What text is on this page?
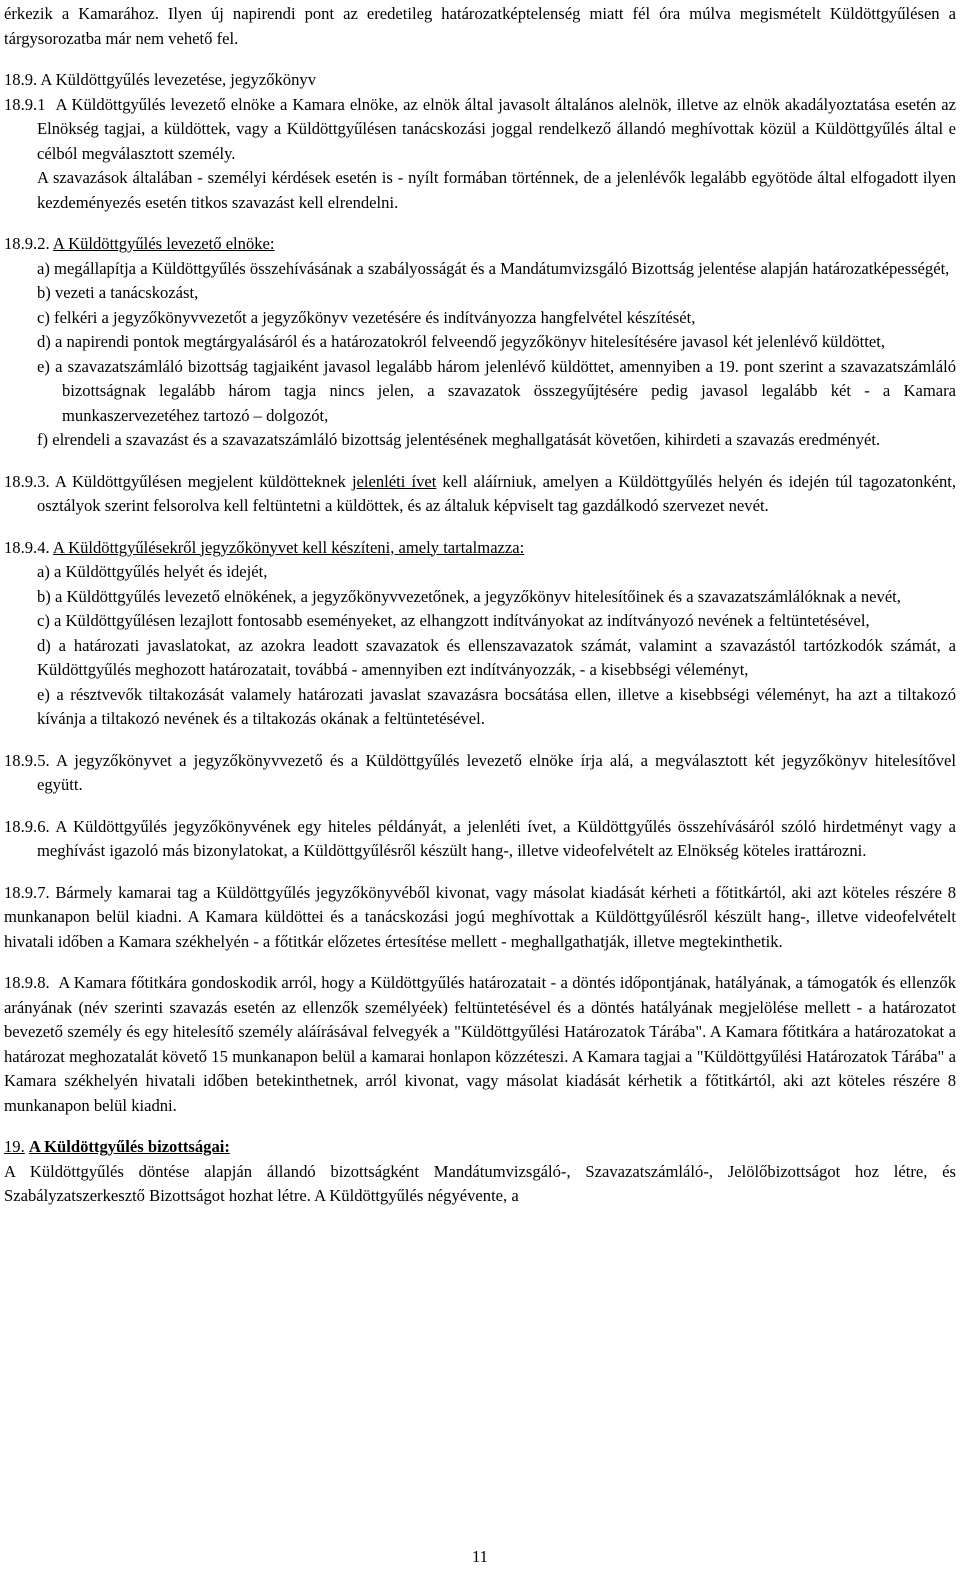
érkezik a Kamarához. Ilyen új napirendi pont az eredetileg határozatképtelenség miatt fél óra múlva megismételt Küldöttgyűlésen a tárgysorozatba már nem vehető fel.

18.9. A Küldöttgyűlés levezetése, jegyzőkönyv

18.9.1 A Küldöttgyűlés levezető elnöke a Kamara elnöke, az elnök által javasolt általános alelnök, illetve az elnök akadályoztatása esetén az Elnökség tagjai, a küldöttek, vagy a Küldöttgyűlésen tanácskozási joggal rendelkező állandó meghívottak közül a Küldöttgyűlés által e célból megválasztott személy.

A szavazások általában - személyi kérdések esetén is - nyílt formában történnek, de a jelenlévők legalább egyötöde által elfogadott ilyen kezdeményezés esetén titkos szavazást kell elrendelni.

18.9.2. A Küldöttgyűlés levezető elnöke:

a) megállapítja a Küldöttgyűlés összehívásának a szabályosságát és a Mandátumvizsgáló Bizottság jelentése alapján határozatképességét,

b) vezeti a tanácskozást,

c) felkéri a jegyzőkönyvvezetőt a jegyzőkönyv vezetésére és indítványozza hangfelvétel készítését,

d) a napirendi pontok megtárgyalásáról és a határozatokról felveendő jegyzőkönyv hitelesítésére javasol két jelenlévő küldöttet,

e) a szavazatszámláló bizottság tagjaiként javasol legalább három jelenlévő küldöttet, amennyiben a 19. pont szerint a szavazatszámláló bizottságnak legalább három tagja nincs jelen, a szavazatok összegyűjtésére pedig javasol legalább két - a Kamara munkaszervezetéhez tartozó – dolgozót,

f) elrendeli a szavazást és a szavazatszámláló bizottság jelentésének meghallgatását követően, kihirdeti a szavazás eredményét.

18.9.3. A Küldöttgyűlésen megjelent küldötteknek jelenléti ívet kell aláírniuk, amelyen a Küldöttgyűlés helyén és idején túl tagozatonként, osztályok szerint felsorolva kell feltüntetni a küldöttek, és az általuk képviselt tag gazdálkodó szervezet nevét.

18.9.4. A Küldöttgyűlésekről jegyzőkönyvet kell készíteni, amely tartalmazza:

a) a Küldöttgyűlés helyét és idejét,

b) a Küldöttgyűlés levezető elnökének, a jegyzőkönyvvezetőnek, a jegyzőkönyv hitelesítőinek és a szavazatszámlálóknak a nevét,

c) a Küldöttgyűlésen lezajlott fontosabb eseményeket, az elhangzott indítványokat az indítványozó nevének a feltüntetésével,

d) a határozati javaslatokat, az azokra leadott szavazatok és ellenszavazatok számát, valamint a szavazástól tartózkodók számát, a Küldöttgyűlés meghozott határozatait, továbbá - amennyiben ezt indítványozzák, - a kisebbségi véleményt,

e) a résztvevők tiltakozását valamely határozati javaslat szavazásra bocsátása ellen, illetve a kisebbségi véleményt, ha azt a tiltakozó kívánja a tiltakozó nevének és a tiltakozás okának a feltüntetésével.

18.9.5. A jegyzőkönyvet a jegyzőkönyvvezető és a Küldöttgyűlés levezető elnöke írja alá, a megválasztott két jegyzőkönyv hitelesítővel együtt.

18.9.6. A Küldöttgyűlés jegyzőkönyvének egy hiteles példányát, a jelenléti ívet, a Küldöttgyűlés összehívásáról szóló hirdetményt vagy a meghívást igazoló más bizonylatokat, a Küldöttgyűlésről készült hang-, illetve videofelvételt az Elnökség köteles irattározni.

18.9.7. Bármely kamarai tag a Küldöttgyűlés jegyzőkönyvéből kivonat, vagy másolat kiadását kérheti a főtitkártól, aki azt köteles részére 8 munkanapon belül kiadni. A Kamara küldöttei és a tanácskozási jogú meghívottak a Küldöttgyűlésről készült hang-, illetve videofelvételt hivatali időben a Kamara székhelyén - a főtitkár előzetes értesítése mellett - meghallgathatják, illetve megtekinthetik.

18.9.8. A Kamara főtitkára gondoskodik arról, hogy a Küldöttgyűlés határozatait - a döntés időpontjának, hatályának, a támogatók és ellenzők arányának (név szerinti szavazás esetén az ellenzők személyéek) feltüntetésével és a döntés hatályának megjelölése mellett - a határozatot bevezető személy és egy hitelesítő személy aláírásával felvegyék a "Küldöttgyűlési Határozatok Tárába". A Kamara főtitkára a határozatokat a határozat meghozatalát követő 15 munkanapon belül a kamarai honlapon közzéteszi. A Kamara tagjai a "Küldöttgyűlési Határozatok Tárába" a Kamara székhelyén hivatali időben betekinthetnek, arról kivonat, vagy másolat kiadását kérhetik a főtitkártól, aki azt köteles részére 8 munkanapon belül kiadni.

19. A Küldöttgyűlés bizottságai:

A Küldöttgyűlés döntése alapján állandó bizottságként Mandátumvizsgáló-, Szavazatszámláló-, Jelölőbizottságot hoz létre, és Szabályzatszerkesztő Bizottságot hozhat létre. A Küldöttgyűlés négyévente, a

11
